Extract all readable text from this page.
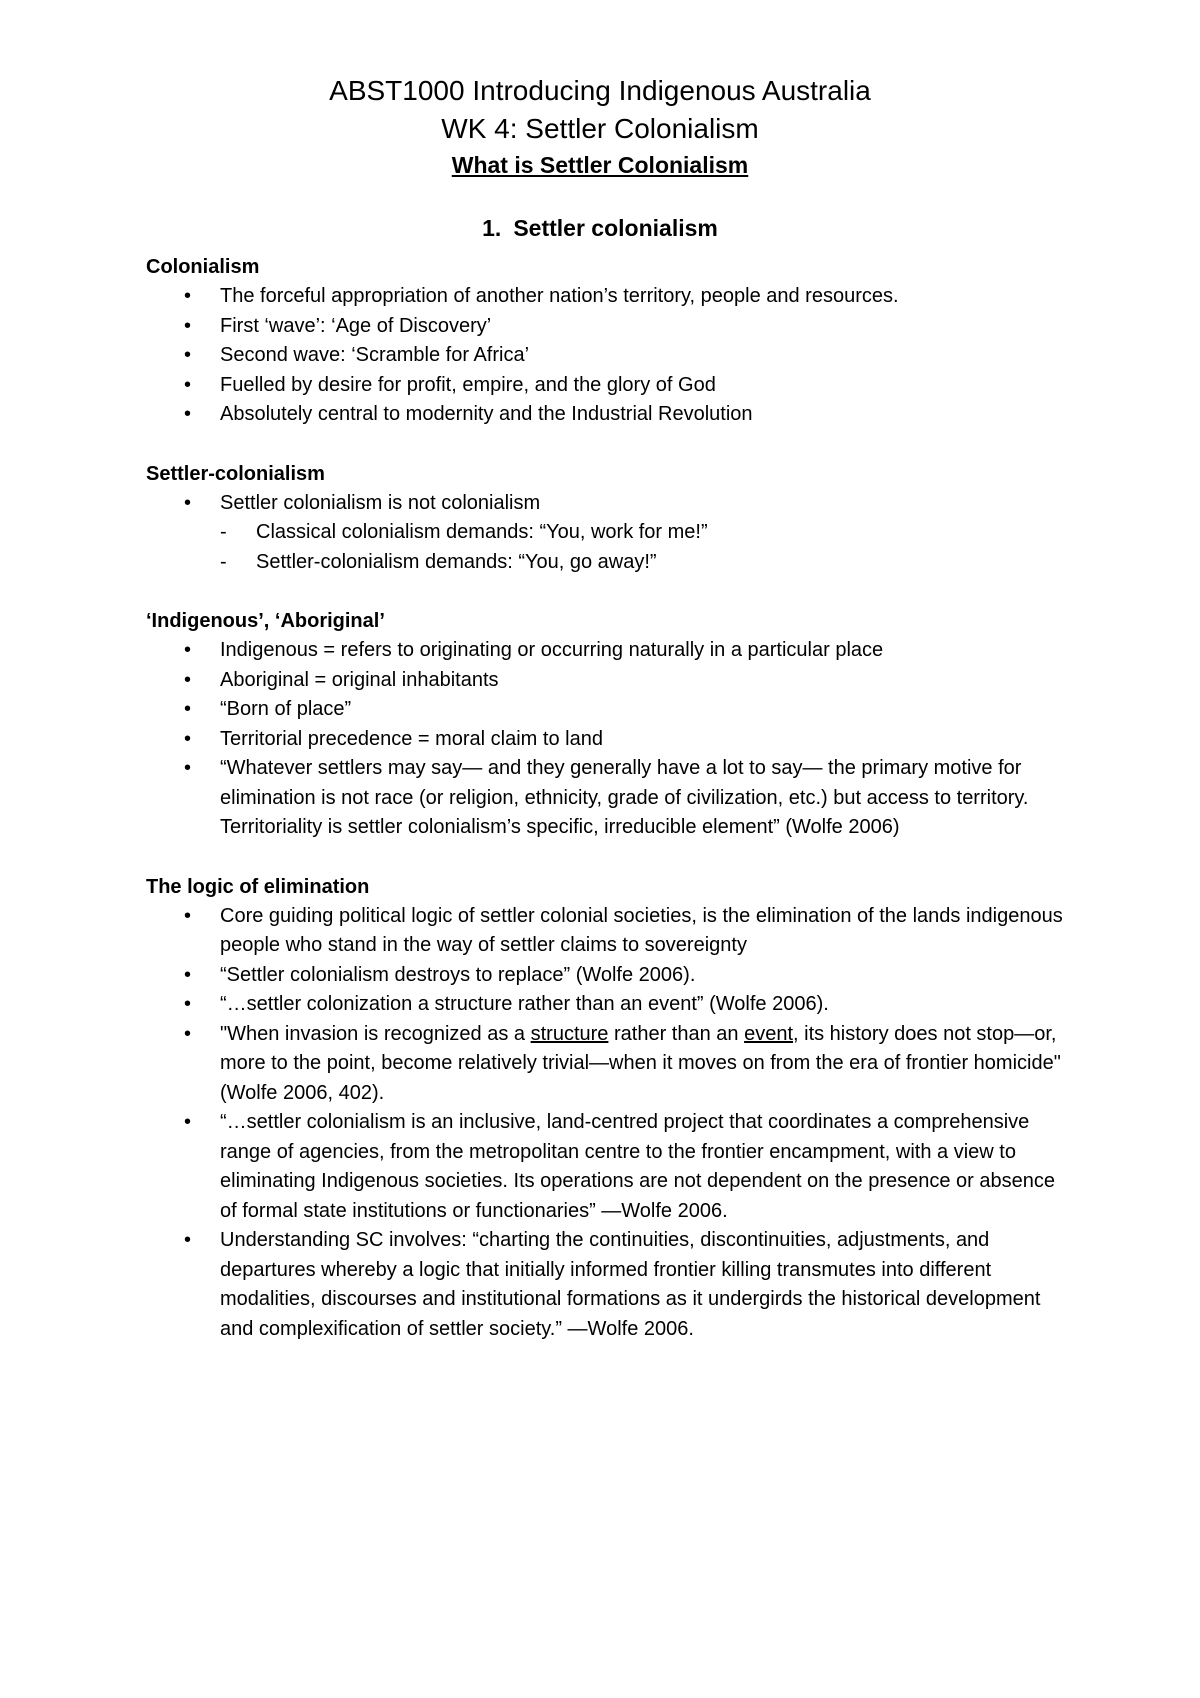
ABST1000 Introducing Indigenous Australia

WK 4: Settler Colonialism

What is Settler Colonialism

1. Settler colonialism

Colonialism

• The forceful appropriation of another nation’s territory, people and resources.
• First ‘wave’: ‘Age of Discovery’
• Second wave: ‘Scramble for Africa’
• Fuelled by desire for profit, empire, and the glory of God
• Absolutely central to modernity and the Industrial Revolution

Settler-colonialism

• Settler colonialism is not colonialism
- Classical colonialism demands: “You, work for me!”
- Settler-colonialism demands: “You, go away!”

‘Indigenous’, ‘Aboriginal’

• Indigenous = refers to originating or occurring naturally in a particular place
• Aboriginal = original inhabitants
• “Born of place”
• Territorial precedence = moral claim to land
• “Whatever settlers may say— and they generally have a lot to say— the primary motive for elimination is not race (or religion, ethnicity, grade of civilization, etc.) but access to territory. Territoriality is settler colonialism’s specific, irreducible element” (Wolfe 2006)

The logic of elimination

• Core guiding political logic of settler colonial societies, is the elimination of the lands indigenous people who stand in the way of settler claims to sovereignty
• “Settler colonialism destroys to replace” (Wolfe 2006).
• “…settler colonization a structure rather than an event” (Wolfe 2006).
• "When invasion is recognized as a structure rather than an event, its history does not stop—or, more to the point, become relatively trivial—when it moves on from the era of frontier homicide" (Wolfe 2006, 402).
• “…settler colonialism is an inclusive, land-centred project that coordinates a comprehensive range of agencies, from the metropolitan centre to the frontier encampment, with a view to eliminating Indigenous societies. Its operations are not dependent on the presence or absence of formal state institutions or functionaries” —Wolfe 2006.
• Understanding SC involves: “charting the continuities, discontinuities, adjustments, and departures whereby a logic that initially informed frontier killing transmutes into different modalities, discourses and institutional formations as it undergirds the historical development and complexification of settler society.” —Wolfe 2006.
